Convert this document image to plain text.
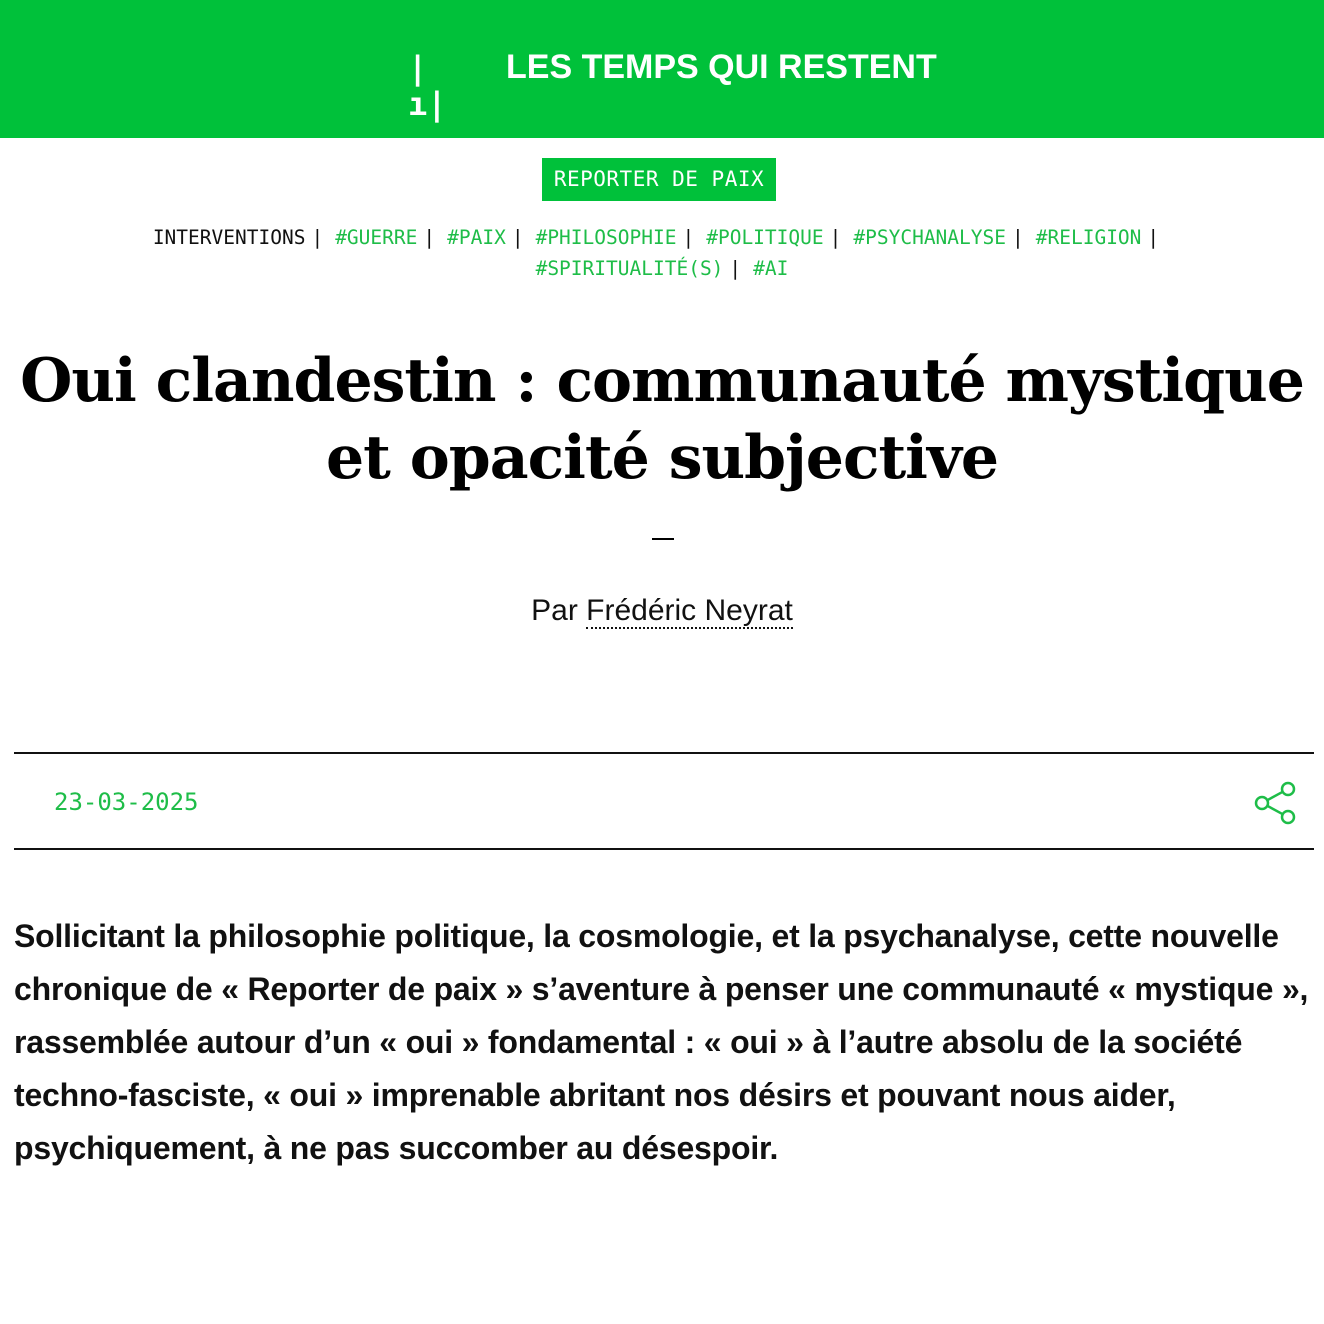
|ı|
LES TEMPS QUI RESTENT
REPORTER DE PAIX
INTERVENTIONS | #GUERRE | #PAIX | #PHILOSOPHIE | #POLITIQUE | #PSYCHANALYSE | #RELIGION |
#SPIRITUALITÉ(S) | #AI
Oui clandestin : communauté mystique et opacité subjective
Par Frédéric Neyrat
23-03-2025

Sollicitant la philosophie politique, la cosmologie, et la psychanalyse, cette nouvelle chronique de « Reporter de paix » s’aventure à penser une communauté « mystique », rassemblée autour d’un « oui » fondamental : « oui » à l’autre absolu de la société techno-fasciste, « oui » imprenable abritant nos désirs et pouvant nous aider, psychiquement, à ne pas succomber au désespoir.
